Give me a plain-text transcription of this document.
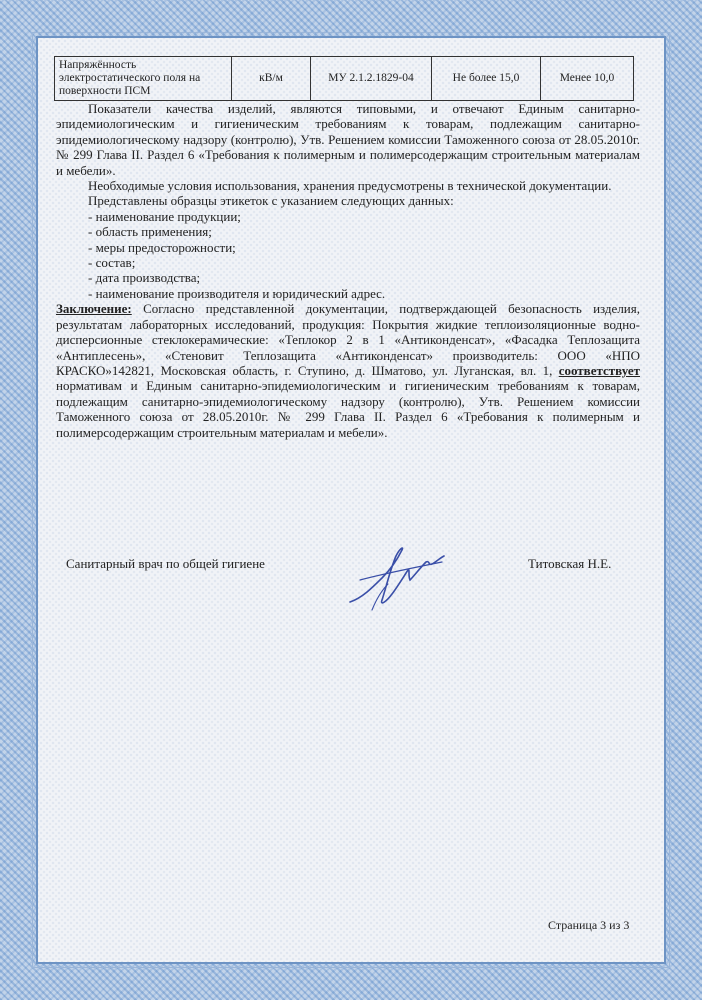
Напряжённость электростатического поля на поверхности ПСМ	кВ/м	МУ 2.1.2.1829-04	Не более 15,0	Менее 10,0

Показатели качества изделий, являются типовыми, и отвечают Единым санитарно-эпидемиологическим и гигиеническим требованиям к товарам, подлежащим санитарно-эпидемиологическому надзору (контролю), Утв. Решением комиссии Таможенного союза от 28.05.2010г. № 299 Глава II. Раздел 6 «Требования к полимерным и полимерсодержащим строительным материалам и мебели».

Необходимые условия использования, хранения предусмотрены в технической документации.

Представлены образцы этикеток с указанием следующих данных:

- наименование продукции;
- область применения;
- меры предосторожности;
- состав;
- дата производства;
- наименование производителя и юридический адрес.

Заключение: Согласно представленной документации, подтверждающей безопасность изделия, результатам лабораторных исследований, продукция: Покрытия жидкие теплоизоляционные водно-дисперсионные стеклокерамические: «Теплокор 2 в 1 «Антиконденсат», «Фасадка Теплозащита «Антиплесень», «Стеновит Теплозащита «Антиконденсат» производитель: ООО «НПО КРАСКО»142821, Московская область, г. Ступино, д. Шматово, ул. Луганская, вл. 1, соответствует нормативам и Единым санитарно-эпидемиологическим и гигиеническим требованиям к товарам, подлежащим санитарно-эпидемиологическому надзору (контролю), Утв. Решением комиссии Таможенного союза от 28.05.2010г. № 299 Глава II. Раздел 6 «Требования к полимерным и полимерсодержащим строительным материалам и мебели».

Санитарный врач по общей гигиене	Титовская Н.Е.
Страница 3 из 3
